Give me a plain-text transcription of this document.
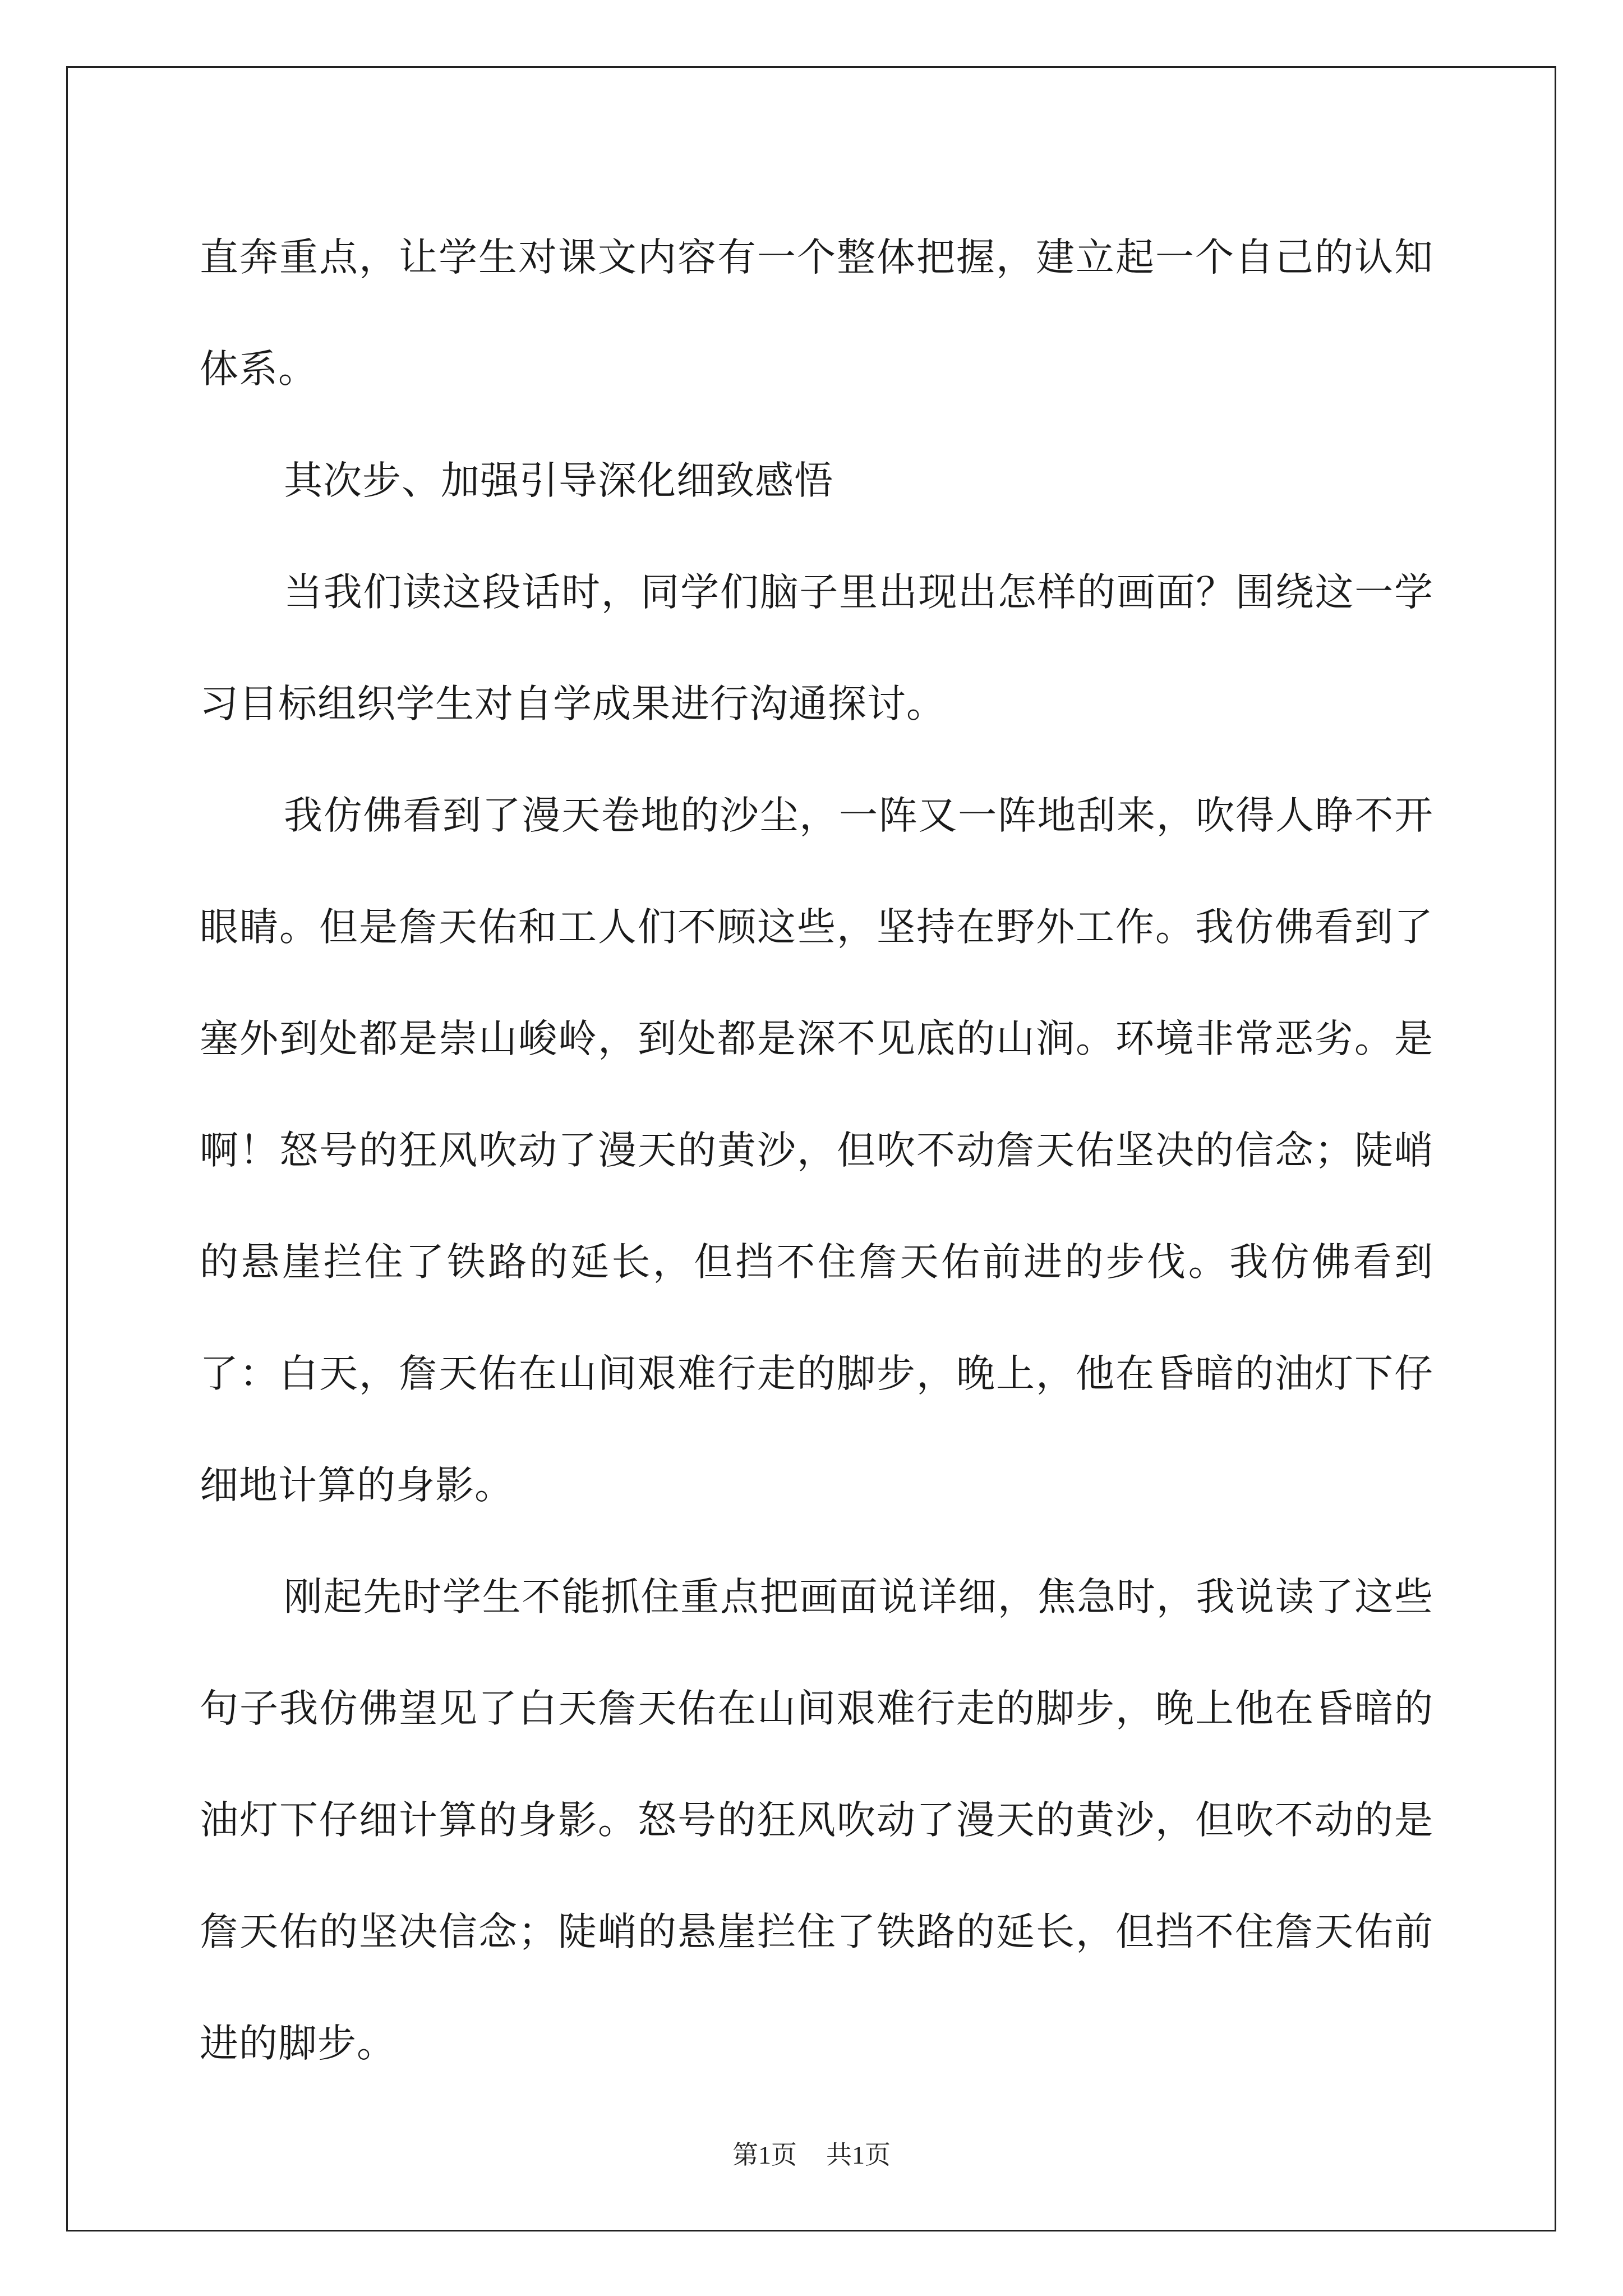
直奔重点，让学生对课文内容有一个整体把握，建立起一个自己的认知体系。

其次步、加强引导深化细致感悟

当我们读这段话时，同学们脑子里出现出怎样的画面？围绕这一学习目标组织学生对自学成果进行沟通探讨。

我仿佛看到了漫天卷地的沙尘，一阵又一阵地刮来，吹得人睁不开眼睛。但是詹天佑和工人们不顾这些，坚持在野外工作。我仿佛看到了塞外到处都是崇山峻岭，到处都是深不见底的山涧。环境非常恶劣。是啊！怒号的狂风吹动了漫天的黄沙，但吹不动詹天佑坚决的信念；陡峭的悬崖拦住了铁路的延长，但挡不住詹天佑前进的步伐。我仿佛看到了：白天，詹天佑在山间艰难行走的脚步，晚上，他在昏暗的油灯下仔细地计算的身影。

刚起先时学生不能抓住重点把画面说详细，焦急时，我说读了这些句子我仿佛望见了白天詹天佑在山间艰难行走的脚步，晚上他在昏暗的油灯下仔细计算的身影。怒号的狂风吹动了漫天的黄沙，但吹不动的是詹天佑的坚决信念；陡峭的悬崖拦住了铁路的延长，但挡不住詹天佑前进的脚步。

第1页 共1页
